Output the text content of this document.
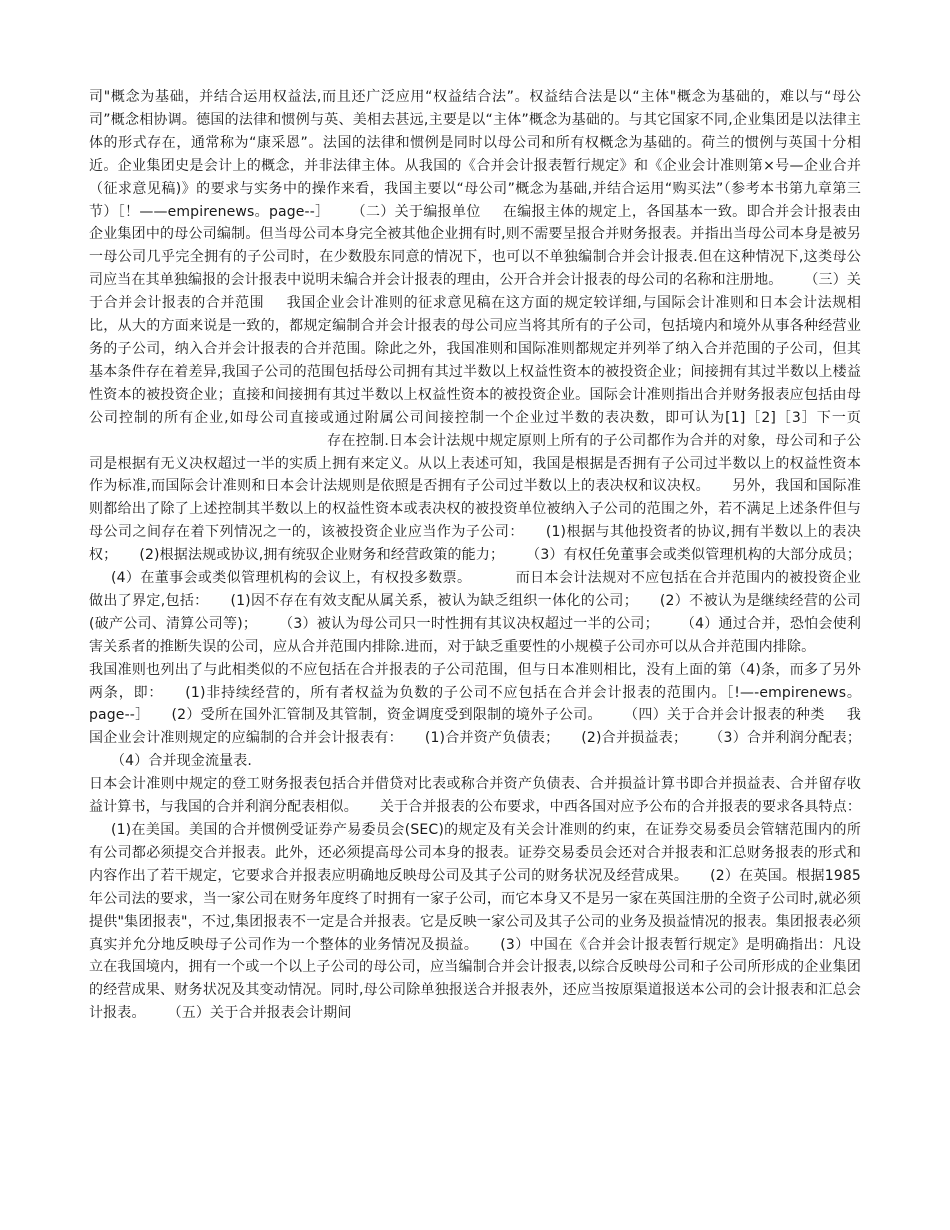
司"概念为基础，并结合运用权益法,而且还广泛应用“权益结合法”。权益结合法是以“主体"概念为基础的，难以与“母公司”概念相协调。德国的法律和惯例与英、美相去甚远,主要是以“主体”概念为基础的。与其它国家不同,企业集团是以法律主体的形式存在，通常称为“康采恩”。法国的法律和惯例是同时以母公司和所有权概念为基础的。荷兰的惯例与英国十分相近。企业集团史是会计上的概念，并非法律主体。从我国的《合并会计报表暂行规定》和《企业会计准则第×号—企业合并（征求意见稿)》的要求与实务中的操作来看，我国主要以“母公司”概念为基础,并结合运用“购买法”（参考本书第九章第三节）［！——empirenews。page--］ （二）关于编报单位 在编报主体的规定上，各国基本一致。即合并会计报表由企业集团中的母公司编制。但当母公司本身完全被其他企业拥有时,则不需要呈报合并财务报表。并指出当母公司本身是被另一母公司几乎完全拥有的子公司时，在少数股东同意的情况下，也可以不单独编制合并会计报表.但在这种情况下,这类母公司应当在其单独编报的会计报表中说明未编合并会计报表的理由，公开合并会计报表的母公司的名称和注册地。 （三）关于合并会计报表的合并范围 我国企业会计准则的征求意见稿在这方面的规定较详细,与国际会计准则和日本会计法规相比，从大的方面来说是一致的，都规定编制合并会计报表的母公司应当将其所有的子公司，包括境内和境外从事各种经营业务的子公司，纳入合并会计报表的合并范围。除此之外，我国准则和国际准则都规定并列举了纳入合并范围的子公司，但其基本条件存在着差异,我国子公司的范围包括母公司拥有其过半数以上权益性资本的被投资企业；间接拥有其过半数以上楼益性资本的被投资企业；直接和间接拥有其过半数以上权益性资本的被投资企业。国际会计准则指出合并财务报表应包括由母公司控制的所有企业,如母公司直接或通过附属公司间接控制一个企业过半数的表决数，即可认为[1]［2]［3］下一页存在控制.日本会计法规中规定原则上所有的子公司都作为合并的对象，母公司和子公司是根据有无义决权超过一半的实质上拥有来定义。从以上表述可知，我国是根据是否拥有子公司过半数以上的权益性资本作为标准,而国际会计准则和日本会计法规则是依照是否拥有子公司过半数以上的表决权和议决权。 另外，我国和国际准则都给出了除了上述控制其半数以上的权益性资本或表决权的被投资单位被纳入子公司的范围之外，若不满足上述条件但与母公司之间存在着下列情况之一的，该被投资企业应当作为子公司： (1)根据与其他投资者的协议,拥有半数以上的表决权； (2)根据法规或协议,拥有统驭企业财务和经营政策的能力； （3）有权任免董事会或类似管理机构的大部分成员；(4）在董事会或类似管理机构的会议上，有权投多数票。	而日本会计法规对不应包括在合并范围内的被投资企业做出了界定,包括： (1)因不存在有效支配从属关系，被认为缺乏组织一体化的公司； (2）不被认为是继续经营的公司(破产公司、清算公司等)； （3）被认为母公司只一时性拥有其议决权超过一半的公司； （4）通过合并，恐怕会使利害关系者的推断失误的公司，应从合并范围内排除.进而，对于缺乏重要性的小规模子公司亦可以从合并范围内排除。

我国准则也列出了与此相类似的不应包括在合并报表的子公司范围，但与日本准则相比，没有上面的第（4)条，而多了另外两条，即： (1)非持续经营的，所有者权益为负数的子公司不应包括在合并会计报表的范围内。［!—-empirenews。page--］ (2）受所在国外汇管制及其管制，资金调度受到限制的境外子公司。 （四）关于合并会计报表的种类 我国企业会计准则规定的应编制的合并会计报表有： (1)合并资产负债表； (2)合并损益表； （3）合并利润分配表；（4）合并现金流量表.

日本会计准则中规定的登工财务报表包括合并借贷对比表或称合并资产负债表、合并损益计算书即合并损益表、合并留存收益计算书，与我国的合并利润分配表相似。 关于合并报表的公布要求，中西各国对应予公布的合并报表的要求各具特点：(1)在美国。美国的合并惯例受证券产易委员会(SEC)的规定及有关会计准则的约束，在证券交易委员会管辖范围内的所有公司都必须提交合并报表。此外，还必须提高母公司本身的报表。证券交易委员会还对合并报表和汇总财务报表的形式和内容作出了若干规定，它要求合并报表应明确地反映母公司及其子公司的财务状况及经营成果。 (2）在英国。根据1985年公司法的要求，当一家公司在财务年度终了时拥有一家子公司，而它本身又不是另一家在英国注册的全资子公司时,就必须提供"集团报表"，不过,集团报表不一定是合并报表。它是反映一家公司及其子公司的业务及损益情况的报表。集团报表必须真实并允分地反映母子公司作为一个整体的业务情况及损益。 (3）中国在《合并会计报表暂行规定》是明确指出：凡设立在我国境内，拥有一个或一个以上子公司的母公司，应当编制合并会计报表,以综合反映母公司和子公司所形成的企业集团的经营成果、财务状况及其变动情况。同时,母公司除单独报送合并报表外，还应当按原渠道报送本公司的会计报表和汇总会计报表。 （五）关于合并报表会计期间
